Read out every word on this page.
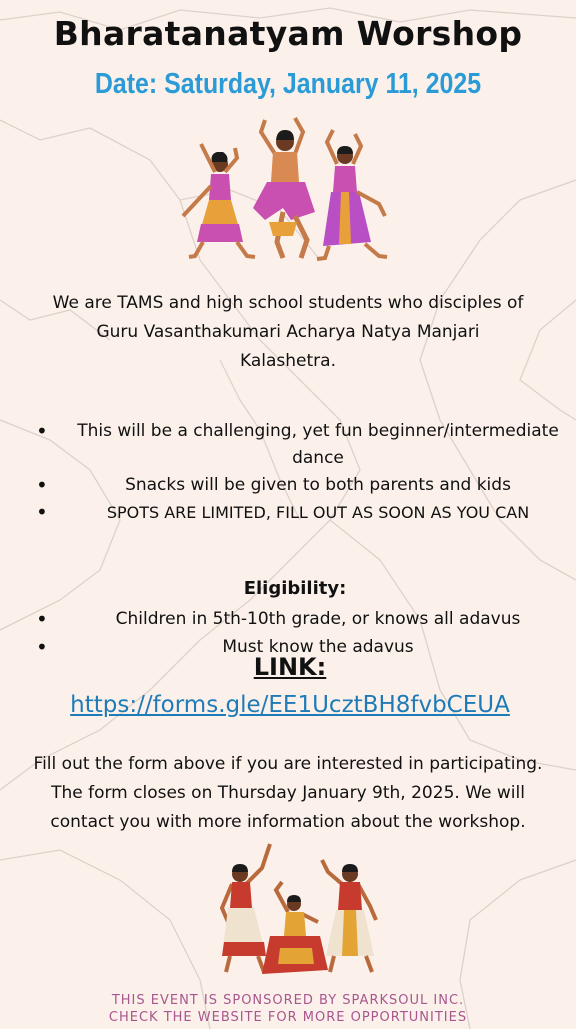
Bharatanatyam Worshop
Date: Saturday, January 11, 2025
We are TAMS and high school students who disciples of
Guru Vasanthakumari Acharya Natya Manjari
Kalashetra.
•	This will be a challenging, yet fun beginner/intermediate dance
•	Snacks will be given to both parents and kids
•	SPOTS ARE LIMITED, FILL OUT AS SOON AS YOU CAN
Eligibility:
•	Children in 5th-10th grade, or knows all adavus
•	Must know the adavus
LINK:
https://forms.gle/EE1UcztBH8fvbCEUA
Fill out the form above if you are interested in participating.
The form closes on Thursday January 9th, 2025. We will
contact you with more information about the workshop.
THIS EVENT IS SPONSORED BY SPARKSOUL INC.
CHECK THE WEBSITE FOR MORE OPPORTUNITIES
